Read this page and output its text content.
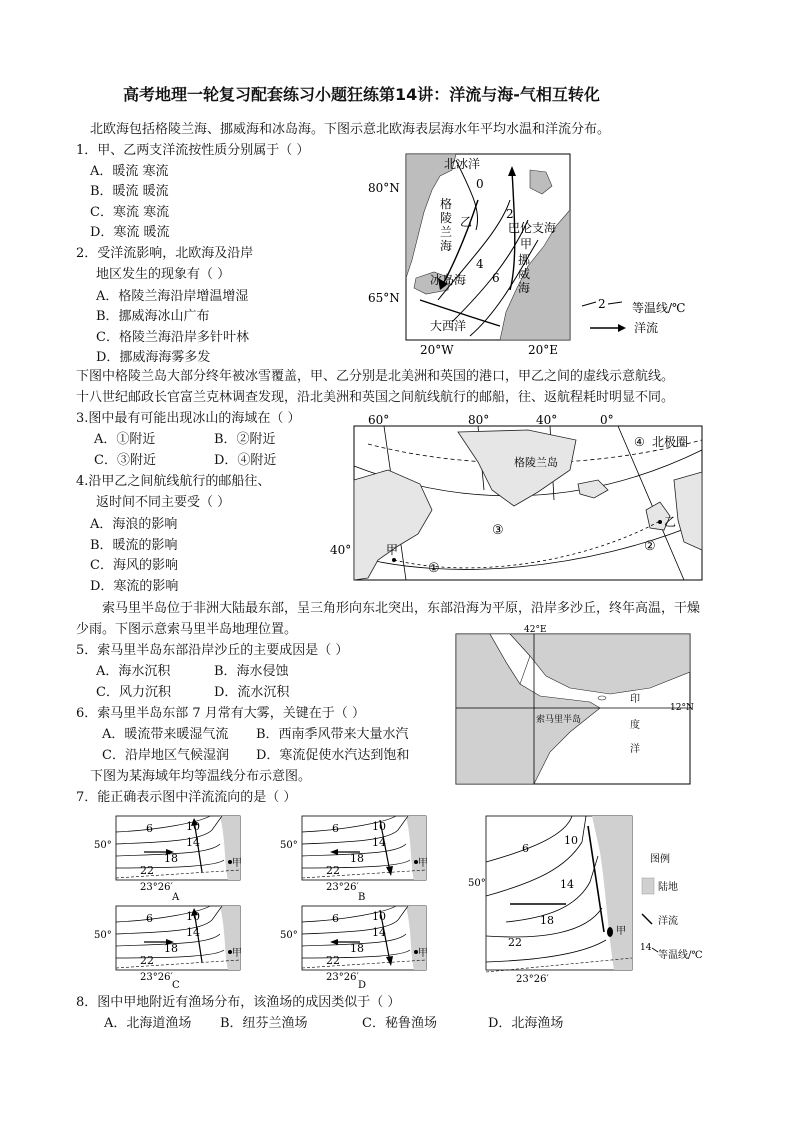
高考地理一轮复习配套练习小题狂练第14讲：洋流与海-气相互转化
北欧海包括格陵兰海、挪威海和冰岛海。下图示意北欧海表层海水年平均水温和洋流分布。
1．甲、乙两支洋流按性质分别属于（ ）
A．暖流 寒流
B．暖流 暖流
C．寒流 寒流
D．寒流 暖流
2．受洋流影响，北欧海及沿岸
地区发生的现象有（ ）
A．格陵兰海沿岸增温增湿
B．挪威海冰山广布
C．格陵兰海沿岸多针叶林
D．挪威海海雾多发
北冰洋
格
陵
兰
海
巴伦支海
甲
乙
挪
威
海
冰岛海
大西洋
0
2
4
6
80°N
65°N
20°W	20°E
2 等温线/℃
洋流
下图中格陵兰岛大部分终年被冰雪覆盖，甲、乙分别是北美洲和英国的港口，甲乙之间的虚线示意航线。
十八世纪邮政长官富兰克林调查发现，沿北美洲和英国之间航线航行的邮船，往、返航程耗时明显不同。
3.图中最有可能出现冰山的海域在（ ）
A．①附近	B．②附近
C．③附近	D．④附近
4.沿甲乙之间航线航行的邮船往、
返时间不同主要受（ ）
A．海浪的影响
B．暖流的影响
C．海风的影响
D．寒流的影响
60°	80°	40°	0°
40°
④ 北极圈
格陵兰岛
③
②
①
甲
乙
索马里半岛位于非洲大陆最东部，呈三角形向东北突出，东部沿海为平原，沿岸多沙丘，终年高温，干燥
少雨。下图示意索马里半岛地理位置。
5．索马里半岛东部沿岸沙丘的主要成因是（ ）
A．海水沉积	B．海水侵蚀
C．风力沉积	D．流水沉积
6．索马里半岛东部 7 月常有大雾，关键在于（ ）
A．暖流带来暖湿气流 B．西南季风带来大量水汽
C．沿岸地区气候湿润 D．寒流促使水汽达到饱和
42°E
12°N
印
度
洋
索马里半岛
下图为某海域年均等温线分布示意图。
7．能正确表示图中洋流流向的是（ ）
6	10
14
18
22
50°
23°26′
甲
A
6	10
14
18
22
50°
23°26′
甲
B
6	10
14
18
22
50°
23°26′
甲
C
6	10
14
18
22
50°
23°26′
甲
D
6
10
14
18
22
50°
23°26′
甲
图例
陆地
洋流
14
等温线/℃
8．图中甲地附近有渔场分布，该渔场的成因类似于（ ）
A．北海道渔场 B．纽芬兰渔场	C．秘鲁渔场	D．北海渔场
